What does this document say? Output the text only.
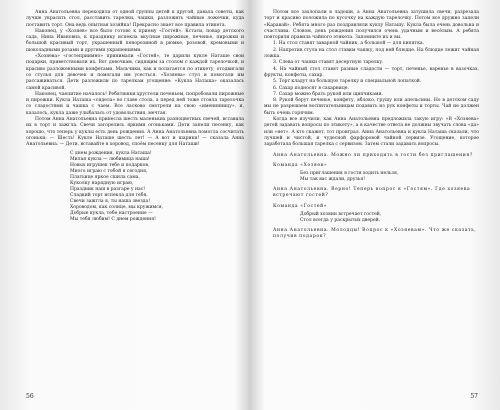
Анна Анатольевна переходила от одной группы детей к другой, давала советы, как лучше украсить стол, расставить тарелки, чашки, разложить чайные ложечки, куда поставить торт. Она ведь опытная хозяйка! Прекрасно знает все правила этикета.

Наконец, у «Хозяев» все было готово к приему «Гостей». Кстати, повар детского сада, Нина Ивановна, к празднику испекла вкусные пирожные, печенье, пирожки и большой красивый торт, украшенный пенорезиной в рюмке, розовой, кремовыми и шоколадными розами и другими украшениями.

«Хозяева» «гостеприимно» принимали «Гостей», те дарили кукле Наташе свои подарки, приветствовали их. Вот девочкам, сидящим за столом с каждой тарелочкой, и красиво разложенными конфетами. Мальчики, как и полагается по этикету, отодвигали со стулья для девочек и помогали им усесться. «Хозяева» стул и помогали им рассаживаться. Дети разложили по тарелкам угощение: «Кукла Наташа» оказалась самой красивой.

Наконец, чаепитие началось! Ребятишки хрустели печеньем, попробовали пирожные и пирожки. Кукла Наташа «сидела» во главе стола, а перед ней тоже стояла тарелочка со сладостями и чашка с чаем. Все ласково смотрели на свою «именинницу», и, казалось, кукла даже улыбалась от удовольствия, мечтая.

Потом Анна Анатольевна принесла шесть маленьких разноцветных свечей, вставила их в торт и зажгла. Свечи загорелись яркими огоньками. Дети запели песенку, как хорошо, что теперь у куклы есть день рождения. А Анна Анатольевна помогла сосчитать огоньки: — Шесть! Кукле Наташе шесть лет! — А вот и шарики! — сказала Анна Анатольевна. — Дети, вставайте в хоровод, споём песенку для Наташи!

С днем рождения, кукла Наташа!
Милая кукла — любимица наша!
Новых игрушек тебе и подарков,
Много играю с тобой я сегодня,
Платьице яркое сшила сама,
Куколку нарядную играю,
Праздник наш в разгаре у нас!
Сладкий торт испекла для тебя,
Свечи зажгла я, ты наша звезда!
Хороводом, как солнце, мы кружимся,
Добрые кукла, тебе настроение —
Мы тебя любим! С днем рождения!
56

Потом все захлопали в ладоши, а Анна Анатольевна затушила свечи, разрезала торт и красиво положила по кусочку на каждую тарелочку. Потом все дружно запели «Каравай». Ребята много раз поздравляли куклу Наташу. Кукла была очень довольна и счастлива. Словом, день рождения получился очень удачным и весёлым. А ребята повторили правила чайного этикета. Запомните их и вы.

1. На стол ставят заварной чайник, а большой — для кипятка.
2. Напротив стула на стол ставим чашку, под ней блюдце. На блюдце лежит чайная ложка.
3. Слева от чашки ставят десертную тарелку.
4. На чайный стол ставят разные сладости — торт, печенье, варенье в вазочках, фрукты, конфеты, сахар.
5. Торт кладут на большую тарелку и специальной лопаткой.
6. Сахар подносят в сахарнице.
7. Сахар можно брать рукой или щипчиками.
8. Рукой берут печенье, конфету, яблоко, грушу или апельсины. Но в детском саду мы не разрешаем воспитательницам подавать из рук конфеты и торты. Чай не должен быть очень горячим.

Когда все изучили, как Анна Анатольевна предложила такую игру: «В «Хозяева» детей задавать вопросы по этикету», а в качестве ответа не должны звучать слова «да» или «нет». А кто скажет, тот проиграл. Анна Анатольевна и кукла Наташа сказали, что лучшей и чистой, и чудесной фарфоровой чайной сервизе. Угощение, которое заработала большая тарелка с сервизом. Затем стали задавать вопросы.

Анна Анатольевна. Можно ли приходить в гости без приглашения?
Команда «Хозяев»
Без приглашения в гости ходить нельзя,
Мы так вас ждали, друзья!
Анна Анатольевна. Верно! Теперь вопрос к «Гостям». Где хозяева встречают гостей?
Команда «Гостей»
Добрый хозяин встречает гостей,
Стол всегда у раскрытых дверей.
Анна Анатольевна. Молодцы! Вопрос к «Хозяевам». Что же сказать, получив подарок?
57
